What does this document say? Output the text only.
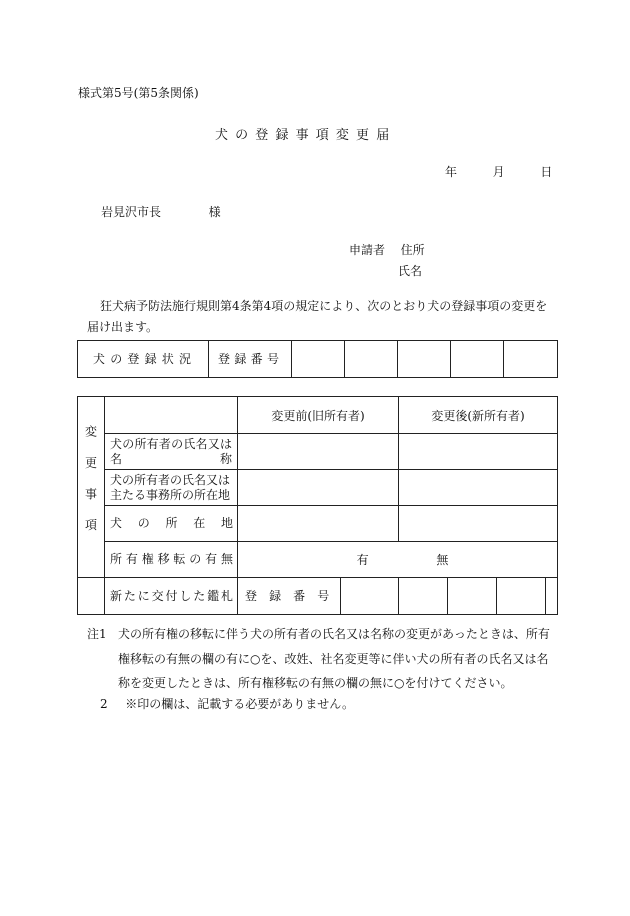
様式第5号(第5条関係)
犬の登録事項変更届
年	月	日
岩見沢市長	様
申請者 住所
氏名
狂犬病予防法施行規則第4条第4項の規定により、次のとおり犬の登録事項の変更を届け出ます。
犬の登録状況	登録番号

変更事項		変更前(旧所有者)		変更後(新所有者)			

	犬の所有者の氏名又は名称						

	犬の所有者の氏名又は
主たる事務所の所在地						

	犬の所在地						

	所有権移転の有無	有 無					

	新たに交付した鑑札	登録番号					

注1 犬の所有権の移転に伴う犬の所有者の氏名又は名称の変更があったときは、所有権移転の有無の欄の有に○を、改姓、社名変更等に伴い犬の所有者の氏名又は名称を変更したときは、所有権移転の有無の欄の無に○を付けてください。
2 ※印の欄は、記載する必要がありません。
